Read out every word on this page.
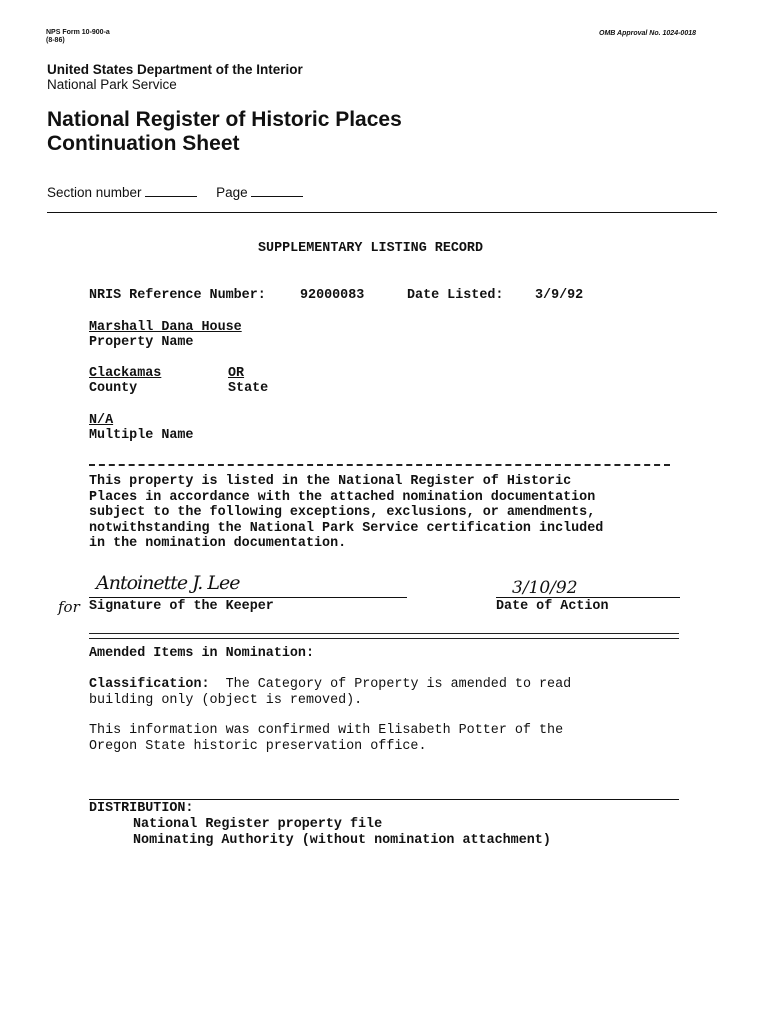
NPS Form 10-900-a
(8-86)
OMB Approval No. 1024-0018
United States Department of the Interior
National Park Service
National Register of Historic Places
Continuation Sheet
Section number	Page
SUPPLEMENTARY LISTING RECORD
NRIS Reference Number:	92000083	Date Listed: 3/9/92
Marshall Dana House
Property Name
Clackamas
County
OR
State
N/A
Multiple Name
This property is listed in the National Register of Historic
Places in accordance with the attached nomination documentation
subject to the following exceptions, exclusions, or amendments,
notwithstanding the National Park Service certification included
in the nomination documentation.
Antoinette J. Lee
for Signature of the Keeper
3/10/92
Date of Action
Amended Items in Nomination:
Classification:  The Category of Property is amended to read
building only (object is removed).
This information was confirmed with Elisabeth Potter of the
Oregon State historic preservation office.
DISTRIBUTION:
National Register property file
Nominating Authority (without nomination attachment)
